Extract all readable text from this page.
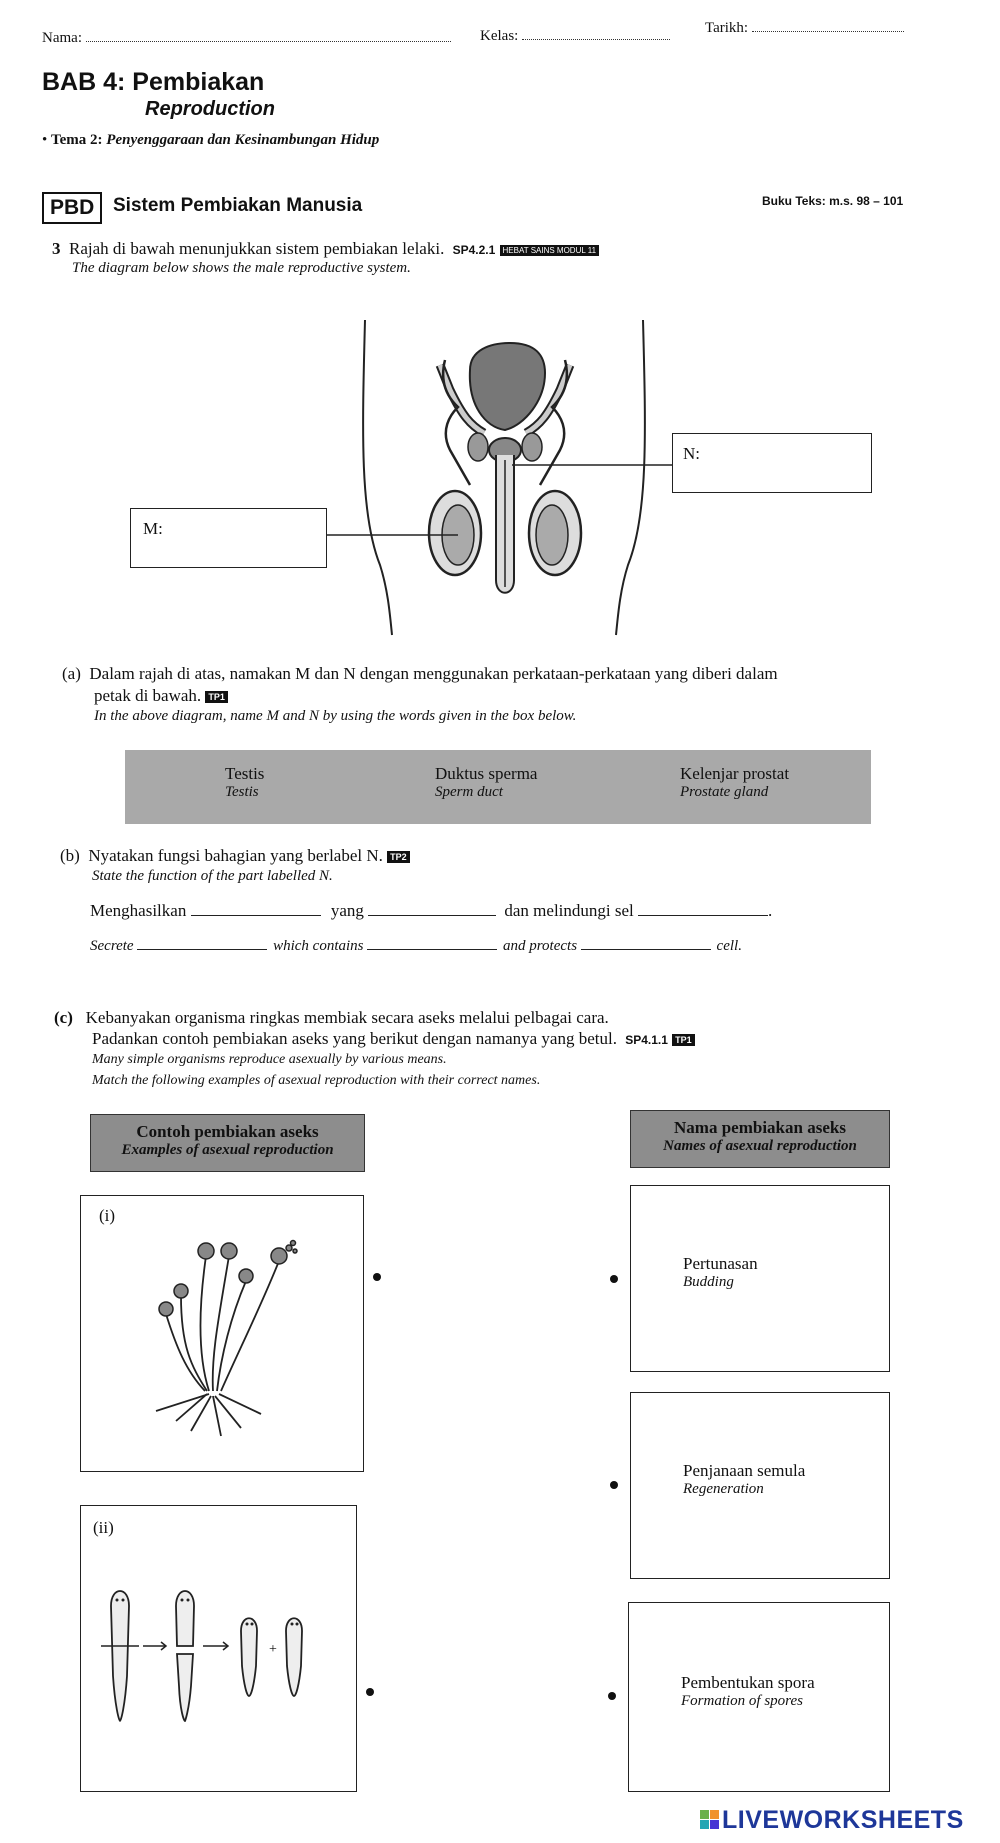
Nama:	Kelas:	Tarikh:
BAB 4: Pembiakan
Reproduction
• Tema 2: Penyenggaraan dan Kesinambungan Hidup
PBD Sistem Pembiakan Manusia	Buku Teks: m.s. 98 – 101
3 Rajah di bawah menunjukkan sistem pembiakan lelaki. SP4.2.1 HEBAT SAINS MODUL 11
The diagram below shows the male reproductive system.
M:
N:
(a) Dalam rajah di atas, namakan M dan N dengan menggunakan perkataan-perkataan yang diberi dalam
petak di bawah. TP1
In the above diagram, name M and N by using the words given in the box below.
Testis
Testis
Duktus sperma
Sperm duct
Kelenjar prostat
Prostate gland
(b) Nyatakan fungsi bahagian yang berlabel N. TP2
State the function of the part labelled N.
Menghasilkan	yang	dan melindungi sel	.
Secrete	which contains	and protects	cell.
(c) Kebanyakan organisma ringkas membiak secara aseks melalui pelbagai cara.
Padankan contoh pembiakan aseks yang berikut dengan namanya yang betul. SP4.1.1 TP1
Many simple organisms reproduce asexually by various means.
Match the following examples of asexual reproduction with their correct names.
Contoh pembiakan aseks
Examples of asexual reproduction
Nama pembiakan aseks
Names of asexual reproduction
(i)
(ii)
+
Pertunasan
Budding
Penjanaan semula
Regeneration
Pembentukan spora
Formation of spores
LIVEWORKSHEETS
